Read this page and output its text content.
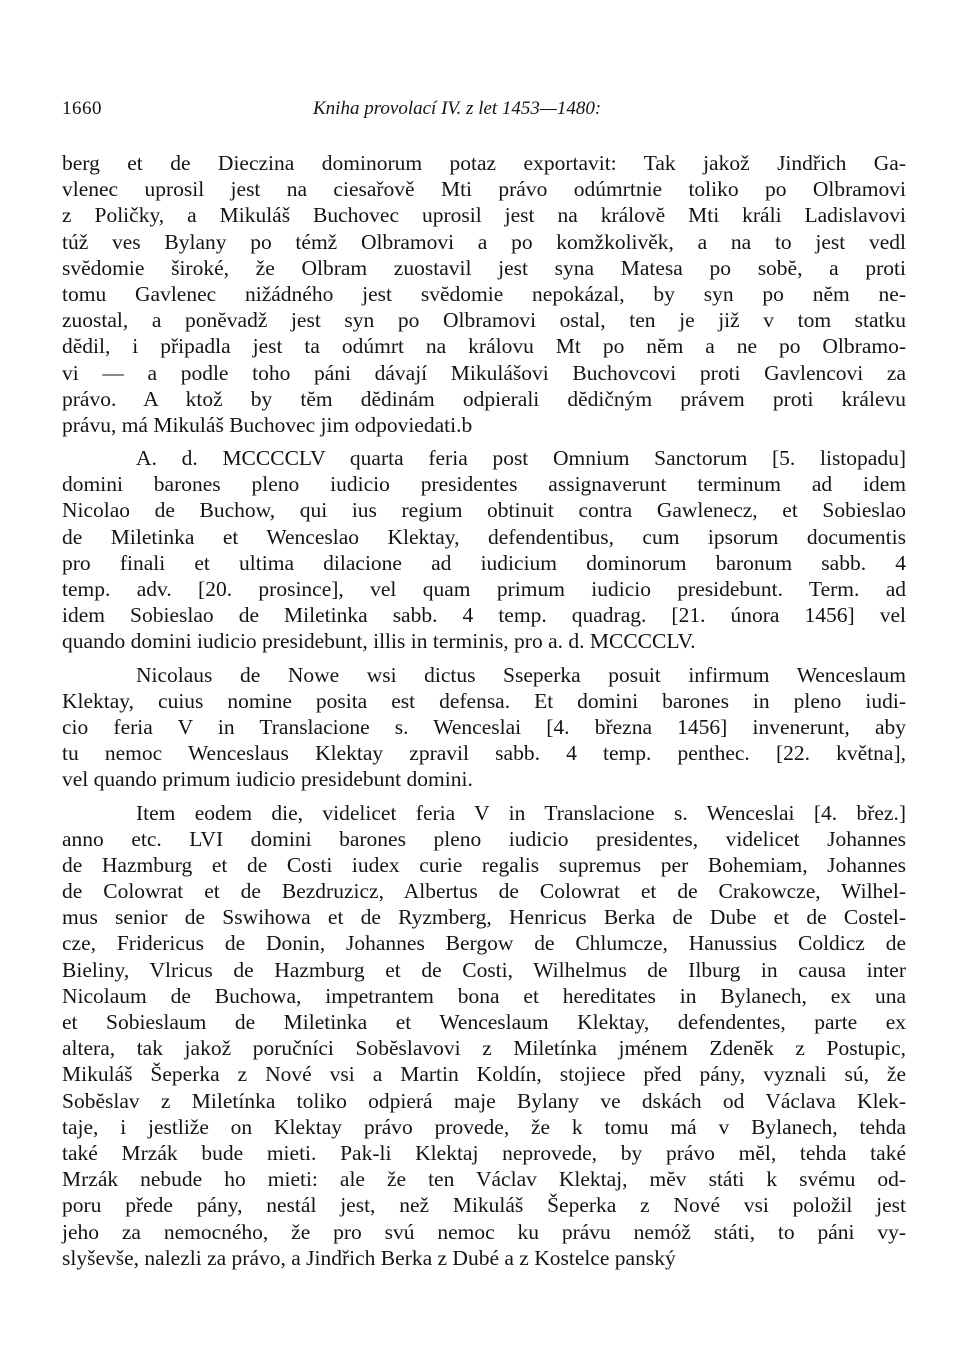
1660	Kniha provolací IV. z let 1453—1480:
berg et de Dieczina dominorum potaz exportavit: Tak jakož Jindřich Ga-
vlenec uprosil jest na ciesařově Mti právo odúmrtnie toliko po Olbramovi
z Poličky, a Mikuláš Buchovec uprosil jest na královĕ Mti králi Ladislavovi
túž ves Bylany po témž Olbramovi a po komžkolivěk, a na to jest vedl
svĕdomie široké, že Olbram zuostavil jest syna Matesa po sobĕ, a proti
tomu Gavlenec nižádného jest svĕdomie nepokázal, by syn po nĕm ne-
zuostal, a ponĕvadž jest syn po Olbramovi ostal, ten je již v tom statku
dĕdil, i připadla jest ta odúmrt na královu Mt po nĕm a ne po Olbramo-
vi — a podle toho páni dávají Mikulášovi Buchovcovi proti Gavlencovi za
právo. A ktož by tĕm dĕdinám odpierali dĕdičným právem proti králevu
právu, má Mikuláš Buchovec jim odpoviedati.b
A. d. MCCCCLV quarta feria post Omnium Sanctorum [5. listopadu]
domini barones pleno iudicio presidentes assignaverunt terminum ad idem
Nicolao de Buchow, qui ius regium obtinuit contra Gawlenecz, et Sobieslao
de Miletinka et Wenceslao Klektay, defendentibus, cum ipsorum documentis
pro finali et ultima dilacione ad iudicium dominorum baronum sabb. 4
temp. adv. [20. prosince], vel quam primum iudicio presidebunt. Term. ad
idem Sobieslao de Miletinka sabb. 4 temp. quadrag. [21. února 1456] vel
quando domini iudicio presidebunt, illis in terminis, pro a. d. MCCCCLV.
Nicolaus de Nowe wsi dictus Sseperka posuit infirmum Wenceslaum
Klektay, cuius nomine posita est defensa. Et domini barones in pleno iudi-
cio feria V in Translacione s. Wenceslai [4. března 1456] invenerunt, aby
tu nemoc Wenceslaus Klektay zpravil sabb. 4 temp. penthec. [22. května],
vel quando primum iudicio presidebunt domini.
Item eodem die, videlicet feria V in Translacione s. Wenceslai [4. břez.]
anno etc. LVI domini barones pleno iudicio presidentes, videlicet Johannes
de Hazmburg et de Costi iudex curie regalis supremus per Bohemiam, Johannes
de Colowrat et de Bezdruzicz, Albertus de Colowrat et de Crakowcze, Wilhel-
mus senior de Sswihowa et de Ryzmberg, Henricus Berka de Dube et de Costel-
cze, Fridericus de Donin, Johannes Bergow de Chlumcze, Hanussius Coldicz de
Bieliny, Vlricus de Hazmburg et de Costi, Wilhelmus de Ilburg in causa inter
Nicolaum de Buchowa, impetrantem bona et hereditates in Bylanech, ex una
et Sobieslaum de Miletinka et Wenceslaum Klektay, defendentes, parte ex
altera, tak jakož poručníci Sobĕslavovi z Miletínka jménem Zdenĕk z Postupic,
Mikuláš Šeperka z Nové vsi a Martin Koldín, stojiece před pány, vyznali sú, že
Sobĕslav z Miletínka toliko odpierá maje Bylany ve dskách od Václava Klek-
taje, i jestliže on Klektay právo provede, že k tomu má v Bylanech, tehda
také Mrzák bude mieti. Pak-li Klektaj neprovede, by právo mĕl, tehda také
Mrzák nebude ho mieti: ale že ten Václav Klektaj, mĕv státi k svému od-
poru přede pány, nestál jest, než Mikuláš Šeperka z Nové vsi položil jest
jeho za nemocného, že pro svú nemoc ku právu nemóž státi, to páni vy-
slyševše, nalezli za právo, a Jindřich Berka z Dubé a z Kostelce panský
